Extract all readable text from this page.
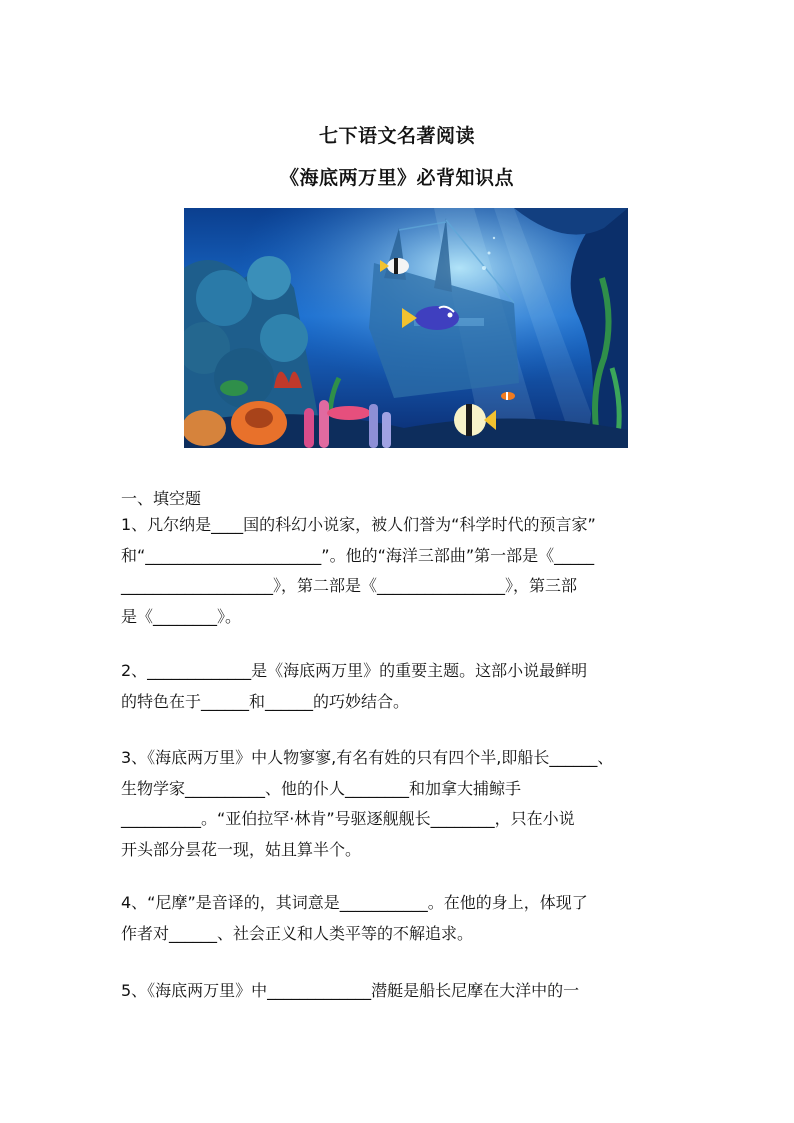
七下语文名著阅读
《海底两万里》必背知识点
一、填空题
1、凡尔纳是____国的科幻小说家，被人们誉为“科学时代的预言家”
和“______________________”。他的“海洋三部曲”第一部是《_____
___________________》，第二部是《________________》，第三部
是《________》。
2、_____________是《海底两万里》的重要主题。这部小说最鲜明
的特色在于______和______的巧妙结合。
3、《海底两万里》中人物寥寥,有名有姓的只有四个半,即船长______、
生物学家__________、他的仆人________和加拿大捕鲸手
__________。“亚伯拉罕·林肯”号驱逐舰舰长________，只在小说
开头部分昙花一现，姑且算半个。
4、“尼摩”是音译的，其词意是___________。在他的身上，体现了
作者对______、社会正义和人类平等的不解追求。
5、《海底两万里》中_____________潜艇是船长尼摩在大洋中的一
